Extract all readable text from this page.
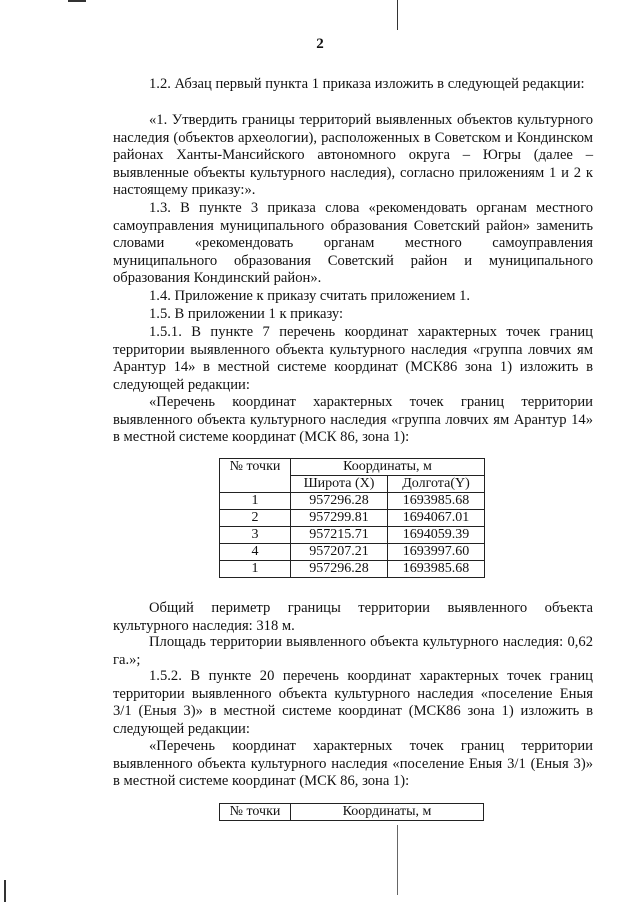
2
1.2. Абзац первый пункта 1 приказа изложить в следующей редакции:
«1. Утвердить границы территорий выявленных объектов культурного наследия (объектов археологии), расположенных в Советском и Кондинском районах Ханты-Мансийского автономного округа – Югры (далее – выявленные объекты культурного наследия), согласно приложениям 1 и 2 к настоящему приказу:».
1.3. В пункте 3 приказа слова «рекомендовать органам местного самоуправления муниципального образования Советский район» заменить словами «рекомендовать органам местного самоуправления муниципального образования Советский район и муниципального образования Кондинский район».
1.4. Приложение к приказу считать приложением 1.
1.5. В приложении 1 к приказу:
1.5.1. В пункте 7 перечень координат характерных точек границ территории выявленного объекта культурного наследия «группа ловчих ям Арантур 14» в местной системе координат (МСК86 зона 1) изложить в следующей редакции:
«Перечень координат характерных точек границ территории выявленного объекта культурного наследия «группа ловчих ям Арантур 14» в местной системе координат (МСК 86, зона 1):
№ точки	Координаты, м	
	Широта (X)	Долгота(Y)
1	957296.28	1693985.68
2	957299.81	1694067.01
3	957215.71	1694059.39
4	957207.21	1693997.60
1	957296.28	1693985.68
Общий периметр границы территории выявленного объекта культурного наследия: 318 м.
Площадь территории выявленного объекта культурного наследия: 0,62 га.»;
1.5.2. В пункте 20 перечень координат характерных точек границ территории выявленного объекта культурного наследия «поселение Еныя 3/1 (Еныя 3)» в местной системе координат (МСК86 зона 1) изложить в следующей редакции:
«Перечень координат характерных точек границ территории выявленного объекта культурного наследия «поселение Еныя 3/1 (Еныя 3)» в местной системе координат (МСК 86, зона 1):
№ точки	Координаты, м
